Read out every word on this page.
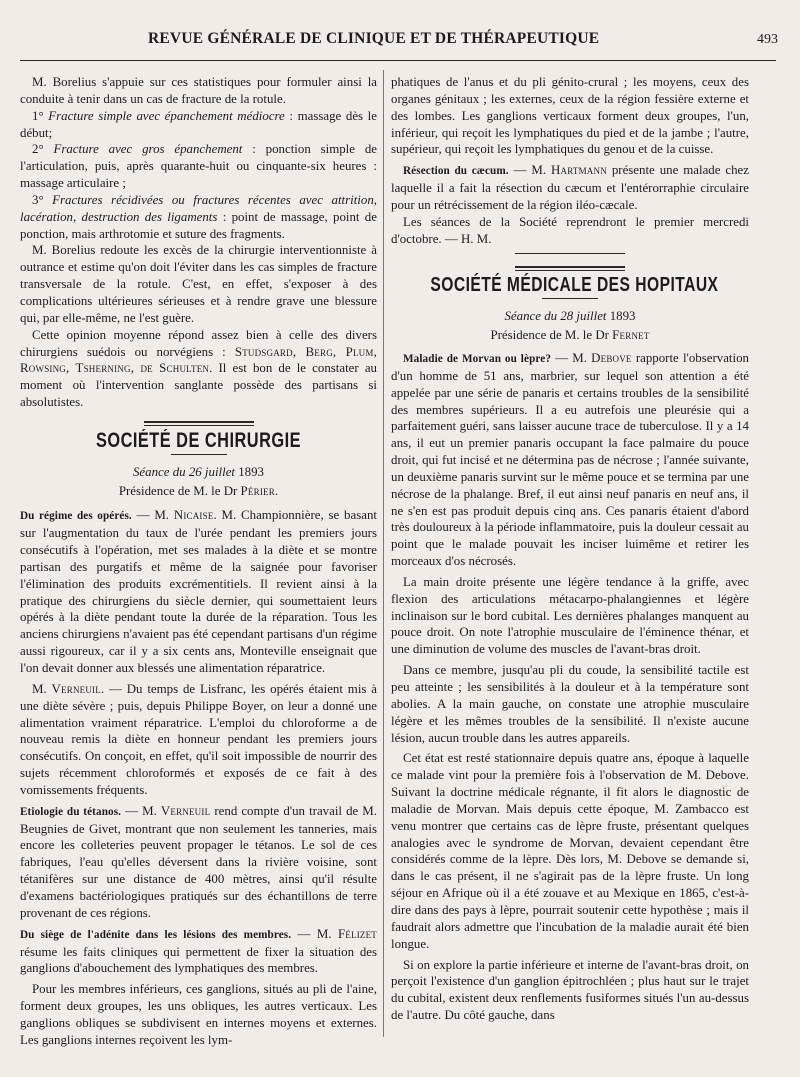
REVUE GÉNÉRALE DE CLINIQUE ET DE THÉRAPEUTIQUE	493

M. Borelius s'appuie sur ces statistiques pour formuler ainsi la conduite à tenir dans un cas de fracture de la rotule.

1° Fracture simple avec épanchement médiocre : massage dès le début;

2° Fracture avec gros épanchement : ponction simple de l'articulation, puis, après quarante-huit ou cinquante-six heures : massage articulaire ;

3° Fractures récidivées ou fractures récentes avec attrition, lacération, destruction des ligaments : point de massage, point de ponction, mais arthrotomie et suture des fragments.

M. Borelius redoute les excès de la chirurgie interventionniste à outrance et estime qu'on doit l'éviter dans les cas simples de fracture transversale de la rotule. C'est, en effet, s'exposer à des complications ultérieures sérieuses et à rendre grave une blessure qui, par elle-même, ne l'est guère.

Cette opinion moyenne répond assez bien à celle des divers chirurgiens suédois ou norvégiens : Studsgard, Berg, Plum, Rowsing, Tsherning, de Schulten. Il est bon de le constater au moment où l'intervention sanglante possède des partisans si absolutistes.

SOCIÉTÉ DE CHIRURGIE
Séance du 26 juillet 1893
Présidence de M. le Dr Périer.

Du régime des opérés. — M. Nicaise. M. Championnière, se basant sur l'augmentation du taux de l'urée pendant les premiers jours consécutifs à l'opération, met ses malades à la diète et se montre partisan des purgatifs et même de la saignée pour favoriser l'élimination des produits excrémentitiels. Il revient ainsi à la pratique des chirurgiens du siècle dernier, qui soumettaient leurs opérés à la diète pendant toute la durée de la réparation. Tous les anciens chirurgiens n'avaient pas été cependant partisans d'un régime aussi rigoureux, car il y a six cents ans, Monteville enseignait que l'on devait donner aux blessés une alimentation réparatrice.

M. Verneuil. — Du temps de Lisfranc, les opérés étaient mis à une diète sévère ; puis, depuis Philippe Boyer, on leur a donné une alimentation vraiment réparatrice. L'emploi du chloroforme a de nouveau remis la diète en honneur pendant les premiers jours consécutifs. On conçoit, en effet, qu'il soit impossible de nourrir des sujets récemment chloroformés et exposés de ce fait à des vomissements fréquents.

Etiologie du tétanos. — M. Verneuil rend compte d'un travail de M. Beugnies de Givet, montrant que non seulement les tanneries, mais encore les colleteries peuvent propager le tétanos. Le sol de ces fabriques, l'eau qu'elles déversent dans la rivière voisine, sont tétanifères sur une distance de 400 mètres, ainsi qu'il résulte d'examens bactériologiques pratiqués sur des échantillons de terre provenant de ces régions.

Du siège de l'adénite dans les lésions des membres. — M. Félizet résume les faits cliniques qui permettent de fixer la situation des ganglions d'abouchement des lymphatiques des membres.

Pour les membres inférieurs, ces ganglions, situés au pli de l'aine, forment deux groupes, les uns obliques, les autres verticaux. Les ganglions obliques se subdivisent en internes moyens et externes. Les ganglions internes reçoivent les lym-

phatiques de l'anus et du pli génito-crural ; les moyens, ceux des organes génitaux ; les externes, ceux de la région fessière externe et des lombes. Les ganglions verticaux forment deux groupes, l'un, inférieur, qui reçoit les lymphatiques du pied et de la jambe ; l'autre, supérieur, qui reçoit les lymphatiques du genou et de la cuisse.

Résection du cæcum. — M. Hartmann présente une malade chez laquelle il a fait la résection du cæcum et l'entérorraphie circulaire pour un rétrécissement de la région iléo-cæcale.

Les séances de la Société reprendront le premier mercredi d'octobre. — H. M.

SOCIÉTÉ MÉDICALE DES HOPITAUX
Séance du 28 juillet 1893
Présidence de M. le Dr Fernet

Maladie de Morvan ou lèpre? — M. Debove rapporte l'observation d'un homme de 51 ans, marbrier, sur lequel son attention a été appelée par une série de panaris et certains troubles de la sensibilité des membres supérieurs. Il a eu autrefois une pleurésie qui a parfaitement guéri, sans laisser aucune trace de tuberculose. Il y a 14 ans, il eut un premier panaris occupant la face palmaire du pouce droit, qui fut incisé et ne détermina pas de nécrose ; l'année suivante, un deuxième panaris survint sur le même pouce et se termina par une nécrose de la phalange. Bref, il eut ainsi neuf panaris en neuf ans, il ne s'en est pas produit depuis cinq ans. Ces panaris étaient d'abord très douloureux à la période inflammatoire, puis la douleur cessait au point que le malade pouvait les inciser luimême et retirer les morceaux d'os nécrosés.

La main droite présente une légère tendance à la griffe, avec flexion des articulations métacarpo-phalangiennes et légère inclinaison sur le bord cubital. Les dernières phalanges manquent au pouce droit. On note l'atrophie musculaire de l'éminence thénar, et une diminution de volume des muscles de l'avant-bras droit.

Dans ce membre, jusqu'au pli du coude, la sensibilité tactile est peu atteinte ; les sensibilités à la douleur et à la température sont abolies. A la main gauche, on constate une atrophie musculaire légère et les mêmes troubles de la sensibilité. Il n'existe aucune lésion, aucun trouble dans les autres appareils.

Cet état est resté stationnaire depuis quatre ans, époque à laquelle ce malade vint pour la première fois à l'observation de M. Debove. Suivant la doctrine médicale régnante, il fit alors le diagnostic de maladie de Morvan. Mais depuis cette époque, M. Zambacco est venu montrer que certains cas de lèpre fruste, présentant quelques analogies avec le syndrome de Morvan, devaient cependant être considérés comme de la lèpre. Dès lors, M. Debove se demande si, dans le cas présent, il ne s'agirait pas de la lèpre fruste. Un long séjour en Afrique où il a été zouave et au Mexique en 1865, c'est-à-dire dans des pays à lèpre, pourrait soutenir cette hypothèse ; mais il faudrait alors admettre que l'incubation de la maladie aurait été bien longue.

Si on explore la partie inférieure et interne de l'avant-bras droit, on perçoit l'existence d'un ganglion épitrochléen ; plus haut sur le trajet du cubital, existent deux renflements fusiformes situés l'un au-dessus de l'autre. Du côté gauche, dans
